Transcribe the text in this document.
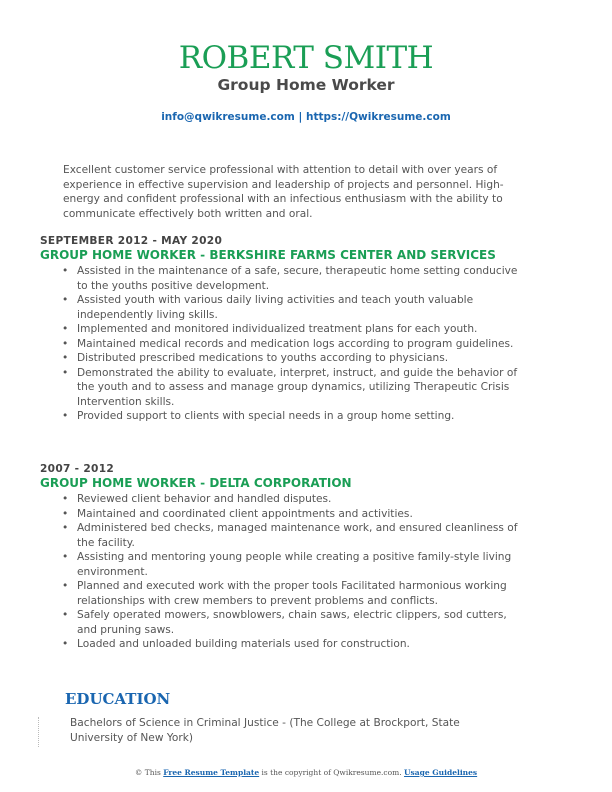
ROBERT SMITH
Group Home Worker
info@qwikresume.com | https://Qwikresume.com
Excellent customer service professional with attention to detail with over years of experience in effective supervision and leadership of projects and personnel. High-energy and confident professional with an infectious enthusiasm with the ability to communicate effectively both written and oral.
SEPTEMBER 2012 - MAY 2020
GROUP HOME WORKER - BERKSHIRE FARMS CENTER AND SERVICES
• Assisted in the maintenance of a safe, secure, therapeutic home setting conducive to the youths positive development.
• Assisted youth with various daily living activities and teach youth valuable independently living skills.
• Implemented and monitored individualized treatment plans for each youth.
• Maintained medical records and medication logs according to program guidelines.
• Distributed prescribed medications to youths according to physicians.
• Demonstrated the ability to evaluate, interpret, instruct, and guide the behavior of the youth and to assess and manage group dynamics, utilizing Therapeutic Crisis Intervention skills.
• Provided support to clients with special needs in a group home setting.
2007 - 2012
GROUP HOME WORKER - DELTA CORPORATION
• Reviewed client behavior and handled disputes.
• Maintained and coordinated client appointments and activities.
• Administered bed checks, managed maintenance work, and ensured cleanliness of the facility.
• Assisting and mentoring young people while creating a positive family-style living environment.
• Planned and executed work with the proper tools Facilitated harmonious working relationships with crew members to prevent problems and conflicts.
• Safely operated mowers, snowblowers, chain saws, electric clippers, sod cutters, and pruning saws.
• Loaded and unloaded building materials used for construction.
EDUCATION
Bachelors of Science in Criminal Justice - (The College at Brockport, State University of New York)
© This Free Resume Template is the copyright of Qwikresume.com. Usage Guidelines
